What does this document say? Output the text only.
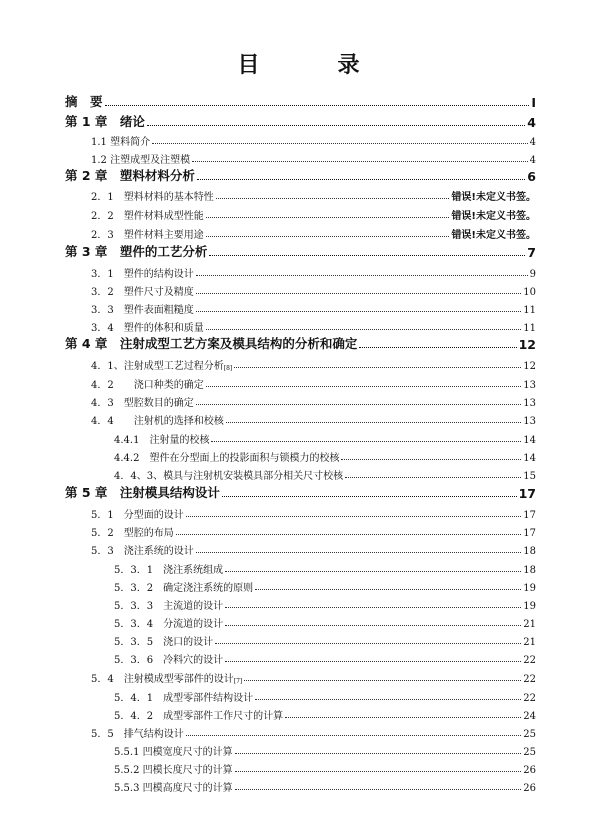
目　录
摘　要	I
第 1 章　绪论	4
1.1 塑料简介	4
1.2 注塑成型及注塑模	4
第 2 章　塑料材料分析	6
2．1　塑料材料的基本特性	错误!未定义书签。
2．2　塑件材料成型性能	错误!未定义书签。
2．3　塑件材料主要用途	错误!未定义书签。
第 3 章　塑件的工艺分析	7
3．1　塑件的结构设计	9
3．2　塑件尺寸及精度	10
3．3　塑件表面粗糙度	11
3．4　塑件的体积和质量	11
第 4 章　注射成型工艺方案及模具结构的分析和确定	12
4．1、注射成型工艺过程分析$_{[8]}$	12
4．2　　浇口种类的确定	13
4．3　型腔数目的确定	13
4．4　　注射机的选择和校核	13
4.4.1　注射量的校核	14
4.4.2　塑件在分型面上的投影面积与锁模力的校核	14
4．4、3、模具与注射机安装模具部分相关尺寸校核	15
第 5 章　注射模具结构设计	17
5．1　分型面的设计	17
5．2　型腔的布局	17
5．3　浇注系统的设计	18
5．3．1　浇注系统组成	18
5．3．2　确定浇注系统的原则	19
5．3．3　主流道的设计	19
5．3．4　分流道的设计	21
5．3．5　浇口的设计	21
5．3．6　冷料穴的设计	22
5．4　注射模成型零部件的设计$_{[7]}$	22
5．4．1　成型零部件结构设计	22
5．4．2　成型零部件工作尺寸的计算	24
5．5　排气结构设计	25
5.5.1 凹模宽度尺寸的计算	25
5.5.2 凹模长度尺寸的计算	26
5.5.3 凹模高度尺寸的计算	26
